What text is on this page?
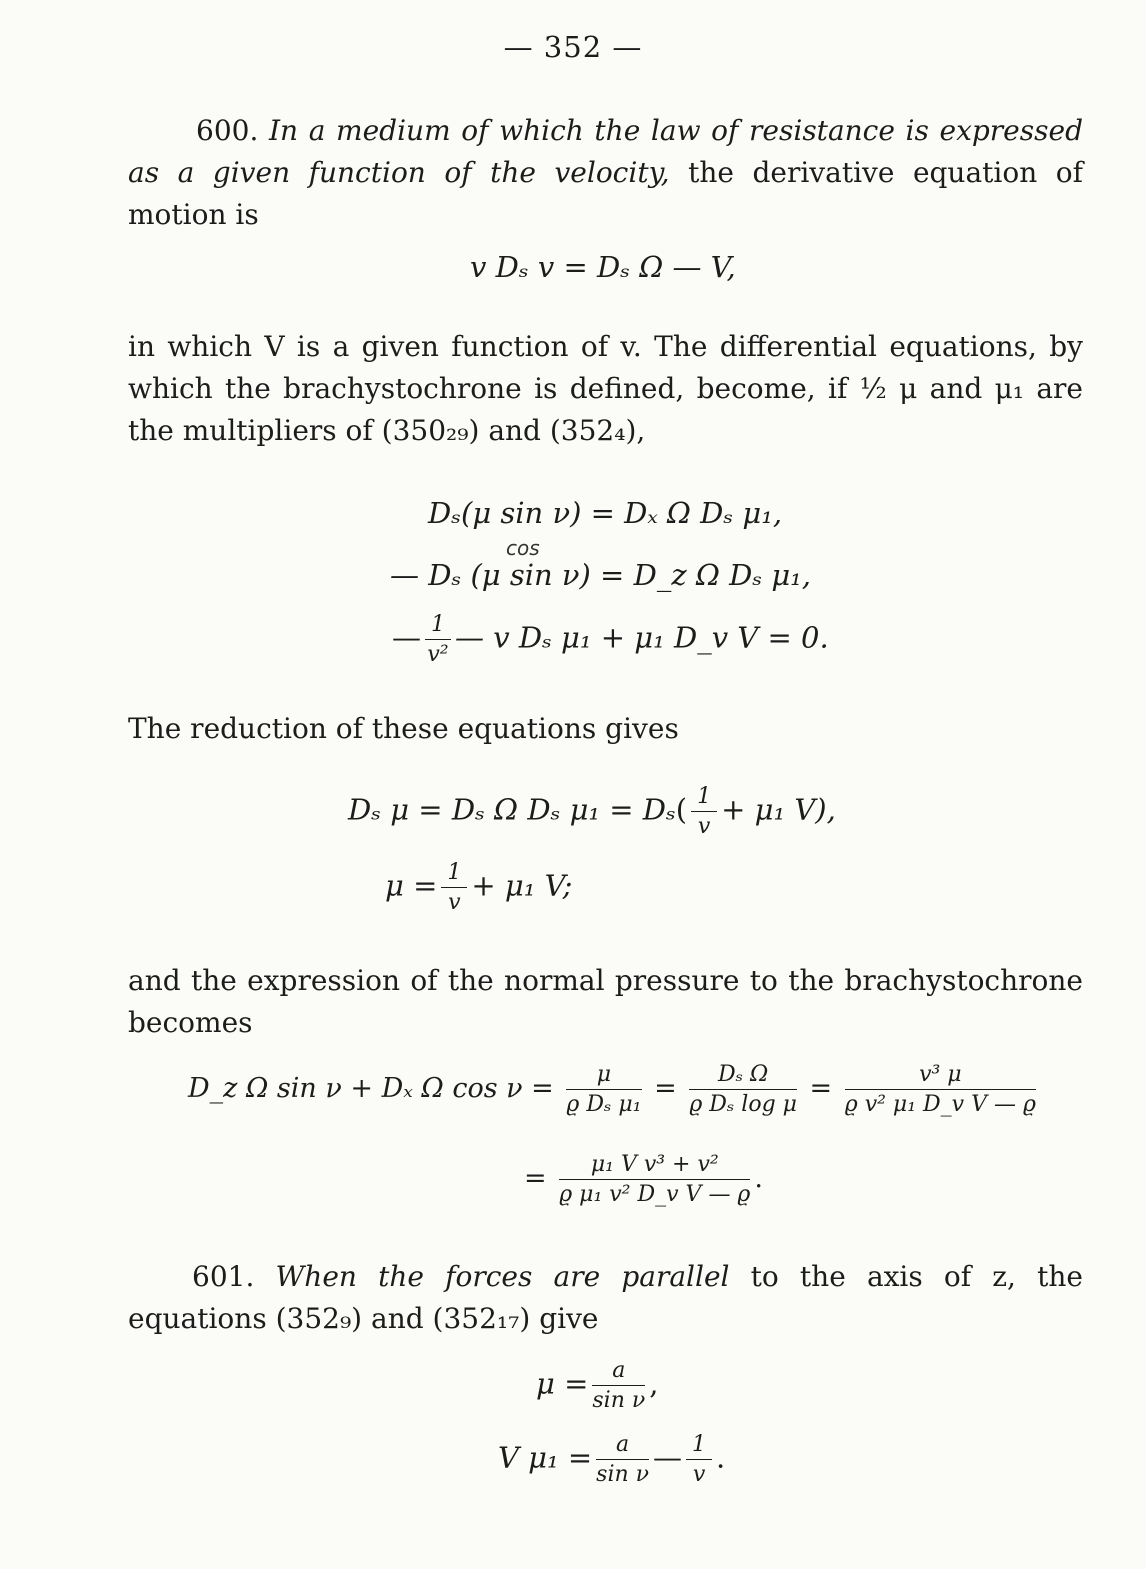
— 352 —
600. In a medium of which the law of resistance is expressed as a given function of the velocity, the derivative equation of motion is
v Dₛ v = Dₛ Ω — V,
in which V is a given function of v. The differential equations, by which the brachystochrone is defined, become, if ½ μ and μ₁ are the multipliers of (350₂₉) and (352₄),
Dₛ(μ sin ν) = Dₓ Ω Dₛ μ₁,
cos
— Dₛ (μ sin ν) = D_z Ω Dₛ μ₁,
— $\frac{1}{\text{v²}}$ — v Dₛ μ₁ + μ₁ D_v V = 0.
The reduction of these equations gives
Dₛ μ = Dₛ Ω Dₛ $\mu_1 = D_s( \frac{1}{v} + \mu_1$ V),
$\mu = \frac{1}{v} + \mu_1$ V;
and the expression of the normal pressure to the brachystochrone becomes
D_z Ω sin ν + Dₓ Ω $\cos \nu = \frac{\mu}{\text{ϱ Dₛ μ₁}} = \frac{\text{Dₛ Ω}}{\text{ϱ Dₛ log μ}} = \frac{\text{v³ μ}}{\text{ϱ v² μ₁ D\_v V — ϱ}}$
= $\frac{\text{μ₁ V v³ + v²}}{\text{ϱ μ₁ v² D\_v V — ϱ}}$ .
601. When the forces are parallel to the axis of z, the equations (352₉) and (352₁₇) give
$\mu = \frac{a}{\text{sin ν}}$ ,
V $\mu_1 = \frac{a}{\text{sin ν}}$ — $\frac{1}{v}$ .
